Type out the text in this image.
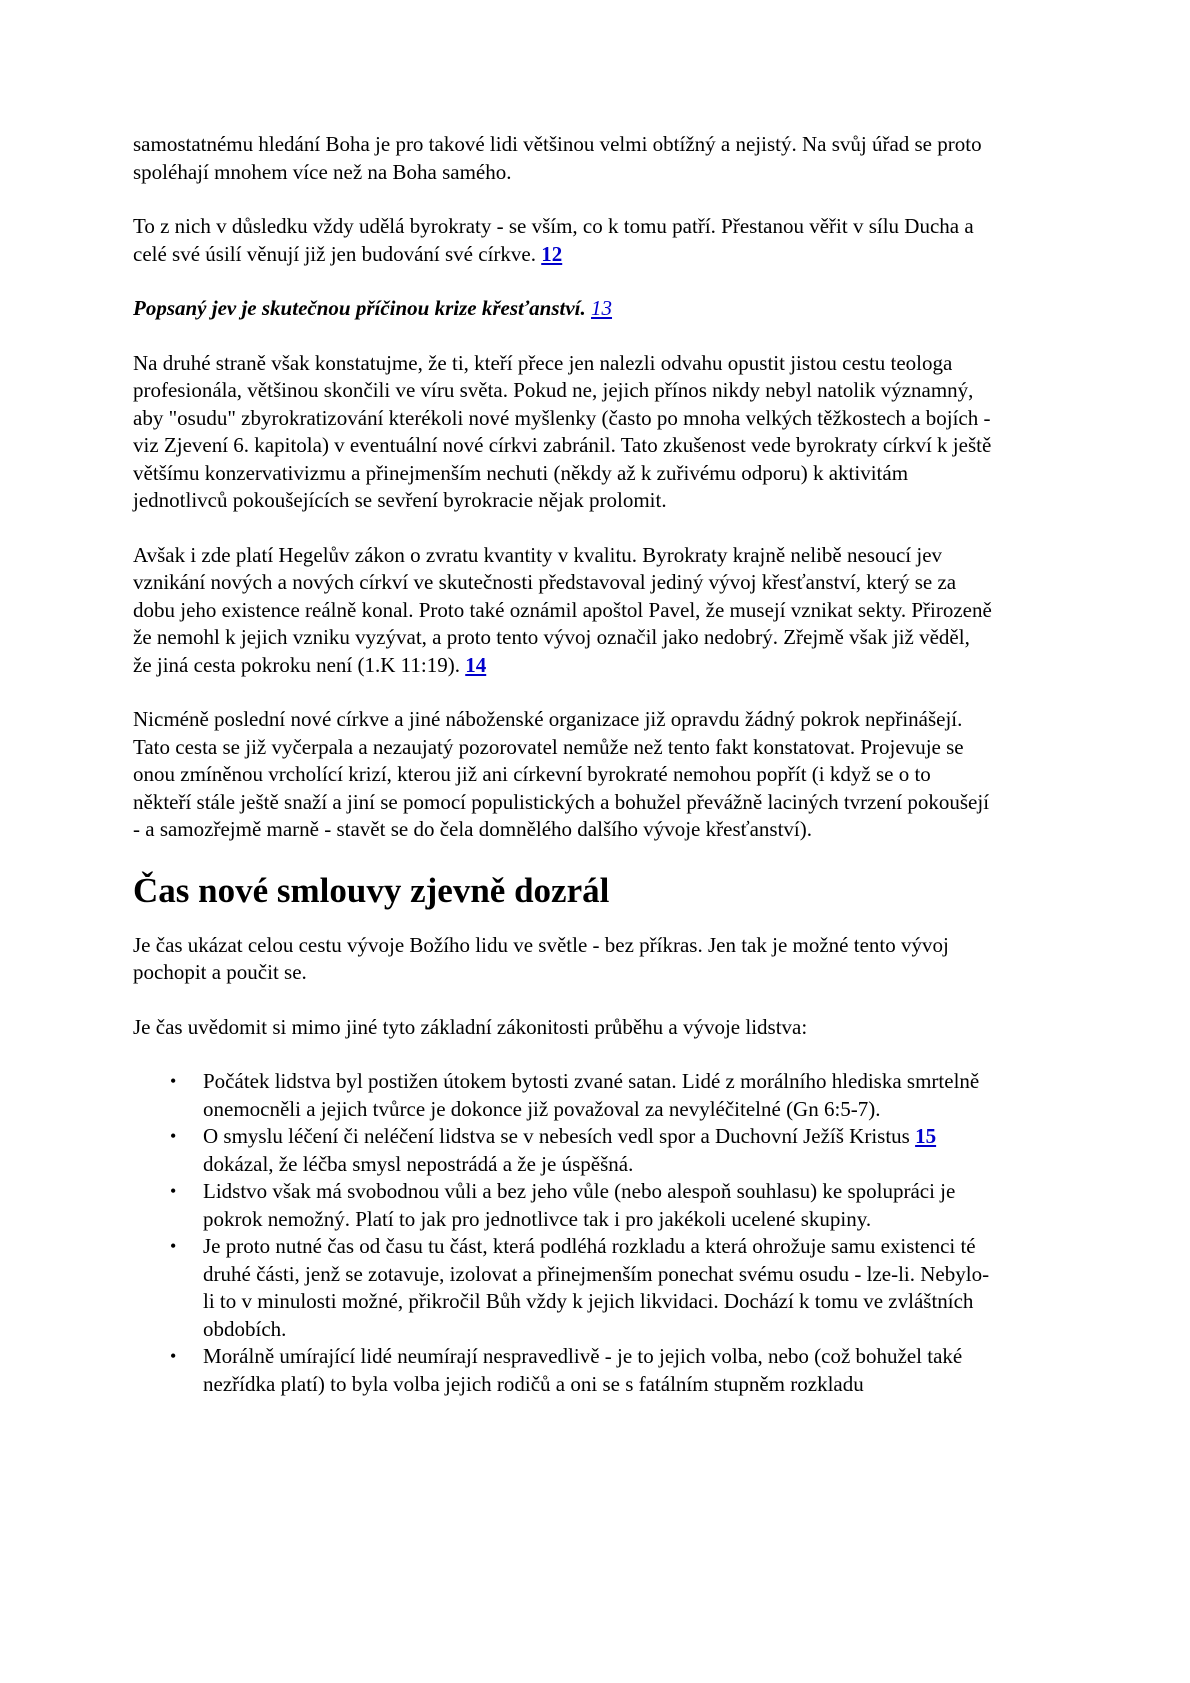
samostatnému hledání Boha je pro takové lidi většinou velmi obtížný a nejistý. Na svůj úřad se proto spoléhají mnohem více než na Boha samého.

To z nich v důsledku vždy udělá byrokraty - se vším, co k tomu patří. Přestanou věřit v sílu Ducha a celé své úsilí věnují již jen budování své církve. 12

Popsaný jev je skutečnou příčinou krize křesťanství. 13

Na druhé straně však konstatujme, že ti, kteří přece jen nalezli odvahu opustit jistou cestu teologa profesionála, většinou skončili ve víru světa. Pokud ne, jejich přínos nikdy nebyl natolik významný, aby "osudu" zbyrokratizování kterékoli nové myšlenky (často po mnoha velkých těžkostech a bojích - viz Zjevení 6. kapitola) v eventuální nové církvi zabránil. Tato zkušenost vede byrokraty církví k ještě většímu konzervativizmu a přinejmenším nechuti (někdy až k zuřivému odporu) k aktivitám jednotlivců pokoušejících se sevření byrokracie nějak prolomit.

Avšak i zde platí Hegelův zákon o zvratu kvantity v kvalitu. Byrokraty krajně nelibě nesoucí jev vznikání nových a nových církví ve skutečnosti představoval jediný vývoj křesťanství, který se za dobu jeho existence reálně konal. Proto také oznámil apoštol Pavel, že musejí vznikat sekty. Přirozeně že nemohl k jejich vzniku vyzývat, a proto tento vývoj označil jako nedobrý. Zřejmě však již věděl, že jiná cesta pokroku není (1.K 11:19). 14

Nicméně poslední nové církve a jiné náboženské organizace již opravdu žádný pokrok nepřinášejí. Tato cesta se již vyčerpala a nezaujatý pozorovatel nemůže než tento fakt konstatovat. Projevuje se onou zmíněnou vrcholící krizí, kterou již ani církevní byrokraté nemohou popřít (i když se o to někteří stále ještě snaží a jiní se pomocí populistických a bohužel převážně laciných tvrzení pokoušejí - a samozřejmě marně - stavět se do čela domnělého dalšího vývoje křesťanství).

Čas nové smlouvy zjevně dozrál

Je čas ukázat celou cestu vývoje Božího lidu ve světle - bez příkras. Jen tak je možné tento vývoj pochopit a poučit se.

Je čas uvědomit si mimo jiné tyto základní zákonitosti průběhu a vývoje lidstva:

• Počátek lidstva byl postižen útokem bytosti zvané satan. Lidé z morálního hlediska smrtelně onemocněli a jejich tvůrce je dokonce již považoval za nevyléčitelné (Gn 6:5-7).
• O smyslu léčení či neléčení lidstva se v nebesích vedl spor a Duchovní Ježíš Kristus 15 dokázal, že léčba smysl nepostrádá a že je úspěšná.
• Lidstvo však má svobodnou vůli a bez jeho vůle (nebo alespoň souhlasu) ke spolupráci je pokrok nemožný. Platí to jak pro jednotlivce tak i pro jakékoli ucelené skupiny.
• Je proto nutné čas od času tu část, která podléhá rozkladu a která ohrožuje samu existenci té druhé části, jenž se zotavuje, izolovat a přinejmenším ponechat svému osudu - lze-li. Nebylo-li to v minulosti možné, přikročil Bůh vždy k jejich likvidaci. Dochází k tomu ve zvláštních obdobích.
• Morálně umírající lidé neumírají nespravedlivě - je to jejich volba, nebo (což bohužel také nezřídka platí) to byla volba jejich rodičů a oni se s fatálním stupněm rozkladu
